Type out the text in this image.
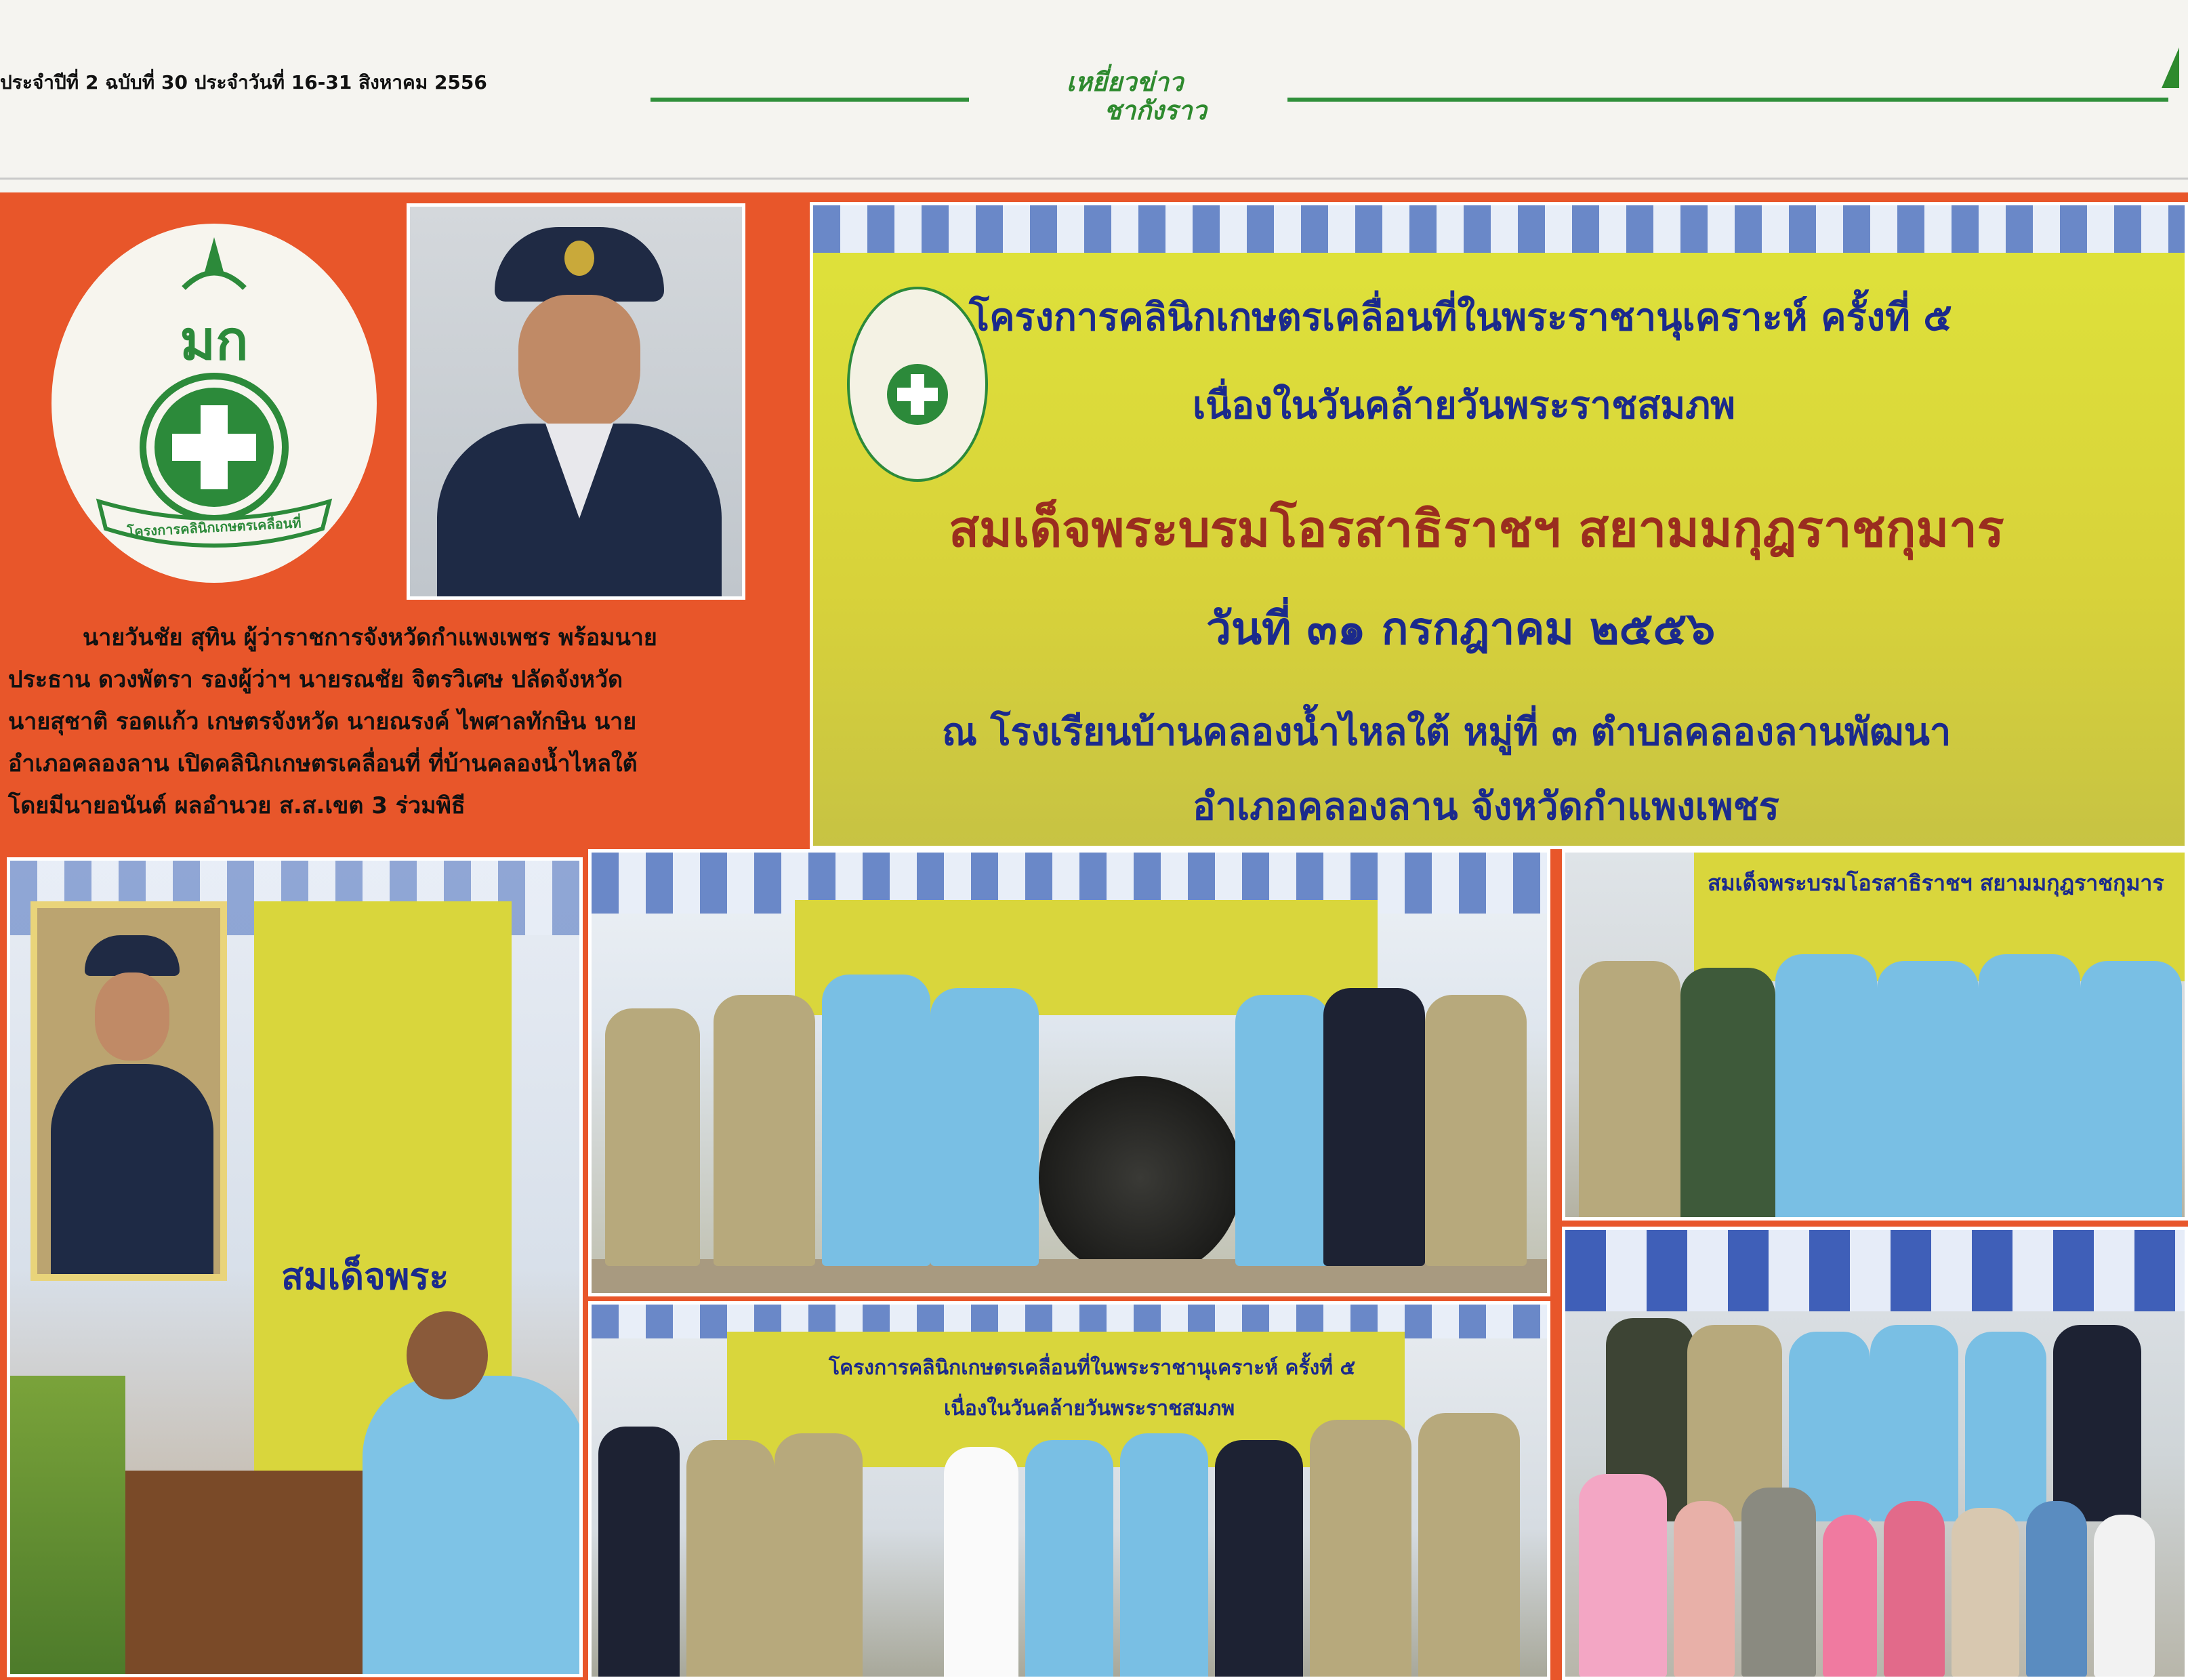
ประจำปีที่ 2 ฉบับที่ 30 ประจำวันที่ 16-31 สิงหาคม 2556	เหยี่ยวข่าว
ชากังราว
มก
โครงการคลินิกเกษตรเคลื่อนที่
นายวันชัย สุทิน ผู้ว่าราชการจังหวัดกำแพงเพชร พร้อมนาย
ประธาน ดวงพัตรา รองผู้ว่าฯ นายรณชัย จิตรวิเศษ ปลัดจังหวัด
นายสุชาติ รอดแก้ว เกษตรจังหวัด นายณรงค์ ไพศาลทักษิน นาย
อำเภอคลองลาน เปิดคลินิกเกษตรเคลื่อนที่ ที่บ้านคลองน้ำไหลใต้
โดยมีนายอนันต์ ผลอำนวย ส.ส.เขต 3 ร่วมพิธี
โครงการคลินิกเกษตรเคลื่อนที่ในพระราชานุเคราะห์ ครั้งที่ ๕
เนื่องในวันคล้ายวันพระราชสมภพ
สมเด็จพระบรมโอรสาธิราชฯ สยามมกุฎราชกุมาร
วันที่ ๓๑ กรกฎาคม ๒๕๕๖
ณ โรงเรียนบ้านคลองน้ำไหลใต้ หมู่ที่ ๓ ตำบลคลองลานพัฒนา
อำเภอคลองลาน จังหวัดกำแพงเพชร
สมเด็จพระ
สมเด็จพระบรมโอรสาธิราชฯ สยามมกุฎราชกุมาร
โครงการคลินิกเกษตรเคลื่อนที่ในพระราชานุเคราะห์ ครั้งที่ ๕
เนื่องในวันคล้ายวันพระราชสมภพ
